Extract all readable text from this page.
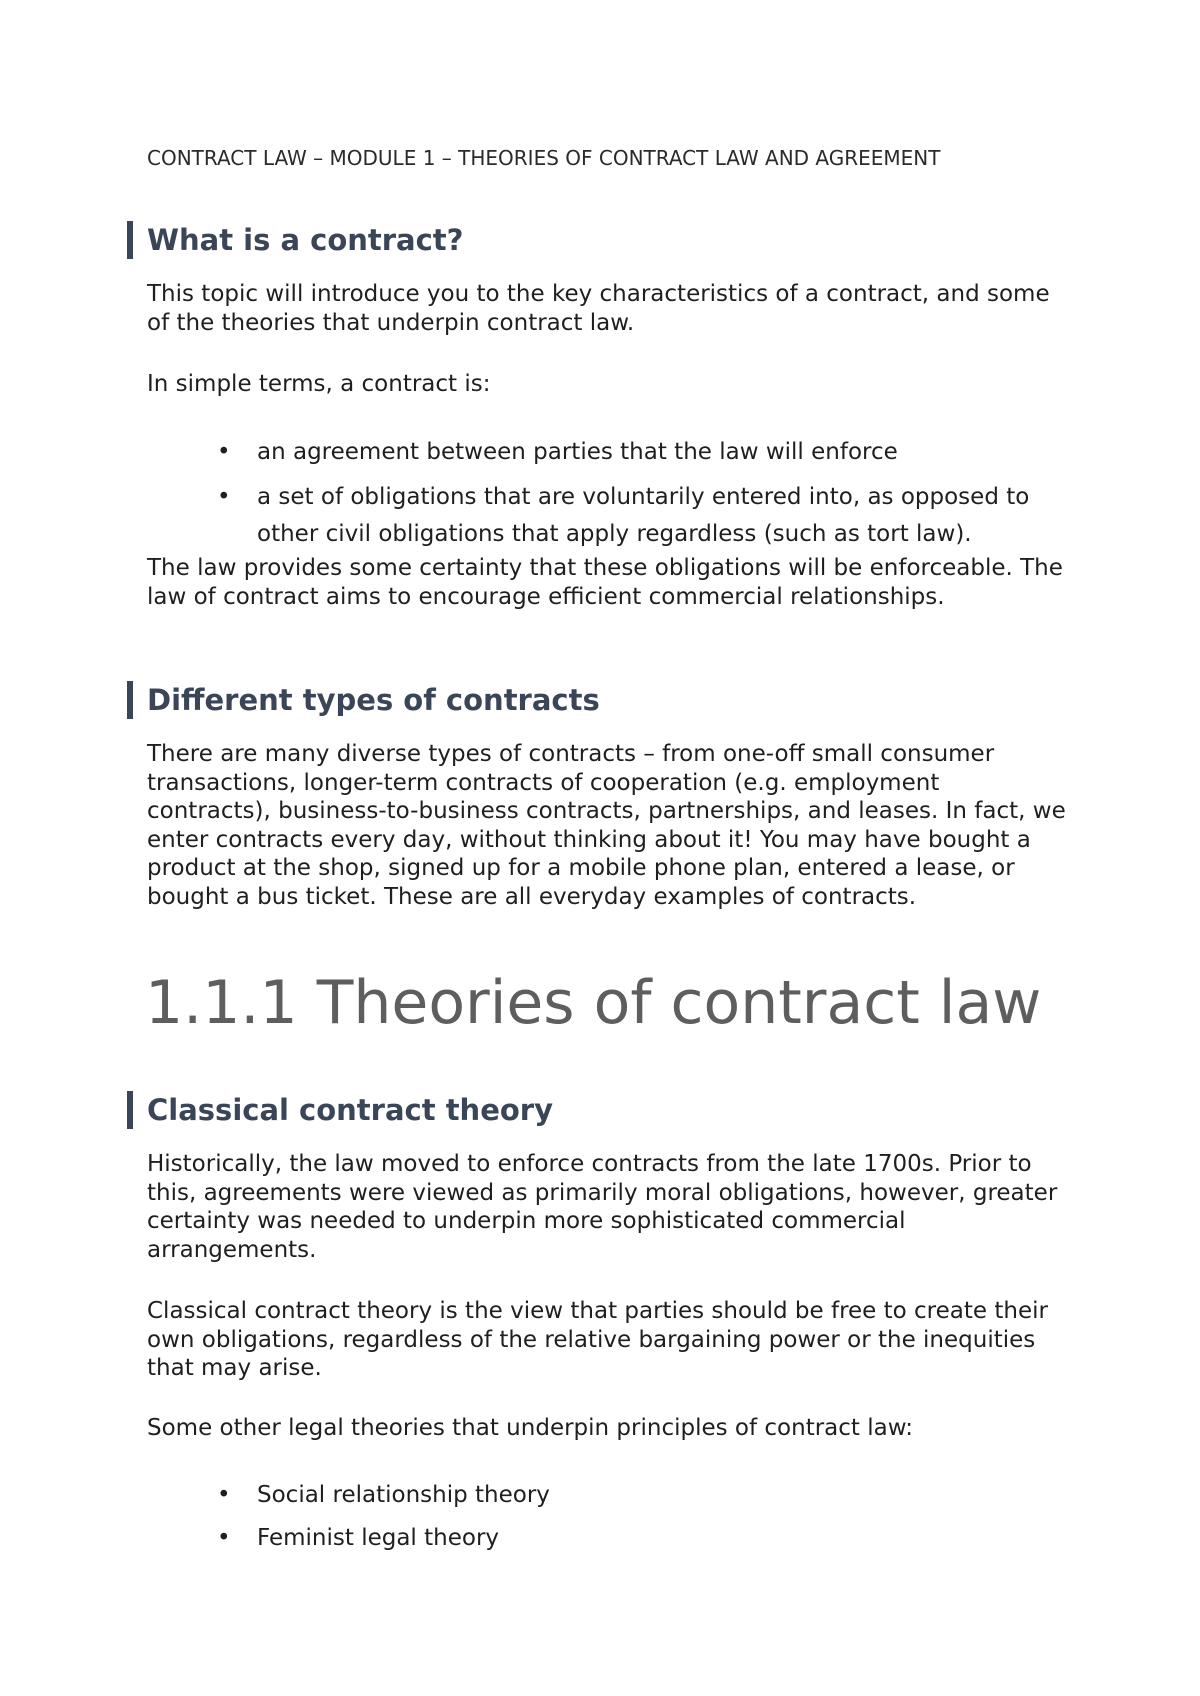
CONTRACT LAW – MODULE 1 – THEORIES OF CONTRACT LAW AND AGREEMENT
What is a contract?

This topic will introduce you to the key characteristics of a contract, and some of the theories that underpin contract law.

In simple terms, a contract is:

• an agreement between parties that the law will enforce
• a set of obligations that are voluntarily entered into, as opposed to other civil obligations that apply regardless (such as tort law).

The law provides some certainty that these obligations will be enforceable. The law of contract aims to encourage efficient commercial relationships.

Different types of contracts

There are many diverse types of contracts – from one-off small consumer transactions, longer-term contracts of cooperation (e.g. employment contracts), business-to-business contracts, partnerships, and leases. In fact, we enter contracts every day, without thinking about it! You may have bought a product at the shop, signed up for a mobile phone plan, entered a lease, or bought a bus ticket. These are all everyday examples of contracts.

1.1.1 Theories of contract law
Classical contract theory

Historically, the law moved to enforce contracts from the late 1700s. Prior to this, agreements were viewed as primarily moral obligations, however, greater certainty was needed to underpin more sophisticated commercial arrangements.

Classical contract theory is the view that parties should be free to create their own obligations, regardless of the relative bargaining power or the inequities that may arise.

Some other legal theories that underpin principles of contract law:

• Social relationship theory
• Feminist legal theory
